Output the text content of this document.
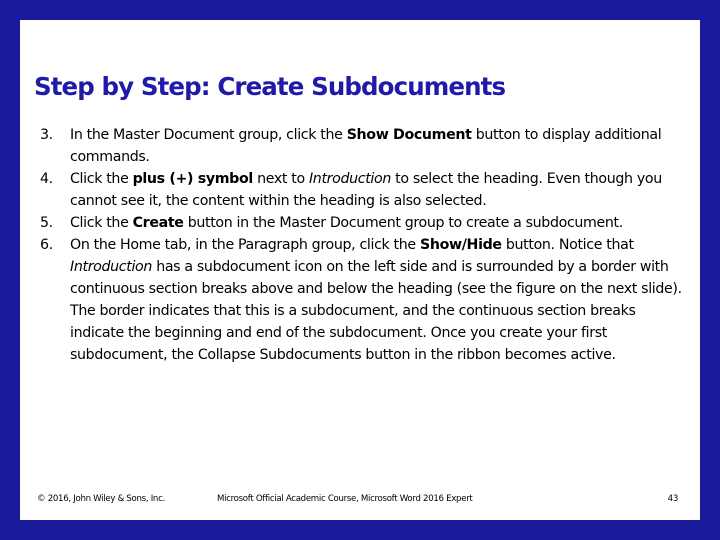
Step by Step: Create Subdocuments
3. In the Master Document group, click the Show Document button to display additional commands.
4. Click the plus (+) symbol next to Introduction to select the heading. Even though you cannot see it, the content within the heading is also selected.
5. Click the Create button in the Master Document group to create a subdocument.
6. On the Home tab, in the Paragraph group, click the Show/Hide button. Notice that Introduction has a subdocument icon on the left side and is surrounded by a border with continuous section breaks above and below the heading (see the figure on the next slide). The border indicates that this is a subdocument, and the continuous section breaks indicate the beginning and end of the subdocument. Once you create your first subdocument, the Collapse Subdocuments button in the ribbon becomes active.
© 2016, John Wiley & Sons, Inc.	Microsoft Official Academic Course, Microsoft Word 2016 Expert	43
